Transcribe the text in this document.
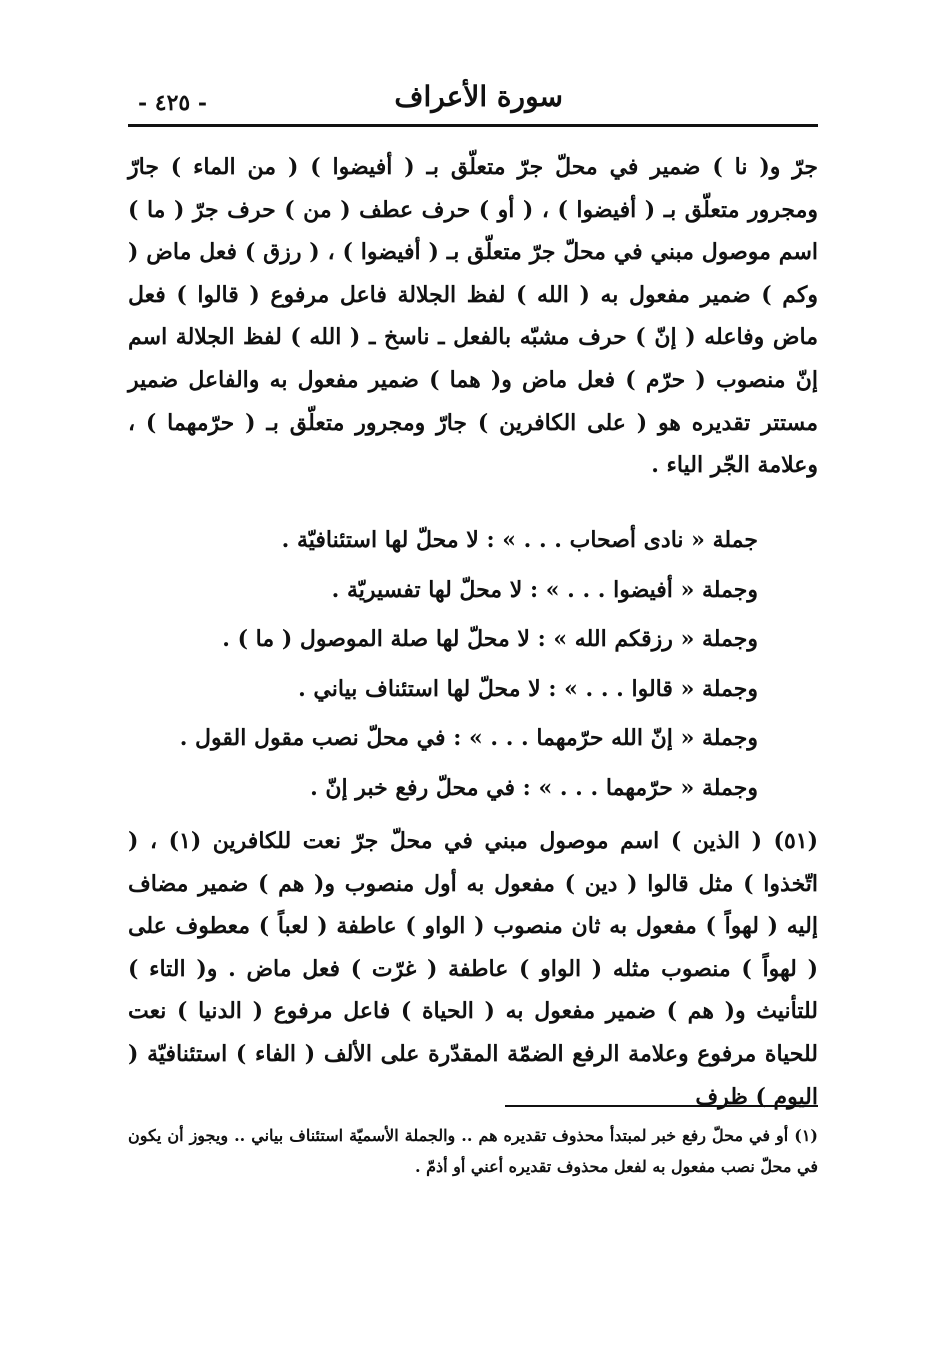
سورة الأعراف
- ٤٢٥ -
جرّ و( نا ) ضمير في محلّ جرّ متعلّق بـ ( أفيضوا ) ( من الماء ) جارّ ومجرور متعلّق بـ ( أفيضوا ) ، ( أو ) حرف عطف ( من ) حرف جرّ ( ما ) اسم موصول مبني في محلّ جرّ متعلّق بـ ( أفيضوا ) ، ( رزق ) فعل ماض ( وكم ) ضمير مفعول به ( الله ) لفظ الجلالة فاعل مرفوع ( قالوا ) فعل ماض وفاعله ( إنّ ) حرف مشبّه بالفعل ـ ناسخ ـ ( الله ) لفظ الجلالة اسم إنّ منصوب ( حرّم ) فعل ماض و( هما ) ضمير مفعول به والفاعل ضمير مستتر تقديره هو ( على الكافرين ) جارّ ومجرور متعلّق بـ ( حرّمهما ) ، وعلامة الجّر الياء .
جملة « نادى أصحاب . . . » : لا محلّ لها استئنافيّة .
وجملة « أفيضوا . . . » : لا محلّ لها تفسيريّة .
وجملة « رزقكم الله » : لا محلّ لها صلة الموصول ( ما ) .
وجملة « قالوا . . . » : لا محلّ لها استئناف بياني .
وجملة « إنّ الله حرّمهما . . . » : في محلّ نصب مقول القول .
وجملة « حرّمهما . . . » : في محلّ رفع خبر إنّ .
(٥١) ( الذين ) اسم موصول مبني في محلّ جرّ نعت للكافرين (١) ، ( اتّخذوا ) مثل قالوا ( دين ) مفعول به أول منصوب و( هم ) ضمير مضاف إليه ( لهواً ) مفعول به ثان منصوب ( الواو ) عاطفة ( لعباً ) معطوف على ( لهواً ) منصوب مثله ( الواو ) عاطفة ( غرّت ) فعل ماض . و( التاء ) للتأنيث و( هم ) ضمير مفعول به ( الحياة ) فاعل مرفوع ( الدنيا ) نعت للحياة مرفوع وعلامة الرفع الضمّة المقدّرة على الألف ( الفاء ) استئنافيّة ( اليوم ) ظرف
(١) أو في محلّ رفع خبر لمبتدأ محذوف تقديره هم .. والجملة الأسميّة استئناف بياني .. ويجوز أن يكون في محلّ نصب مفعول به لفعل محذوف تقديره أعني أو أذمّ .
